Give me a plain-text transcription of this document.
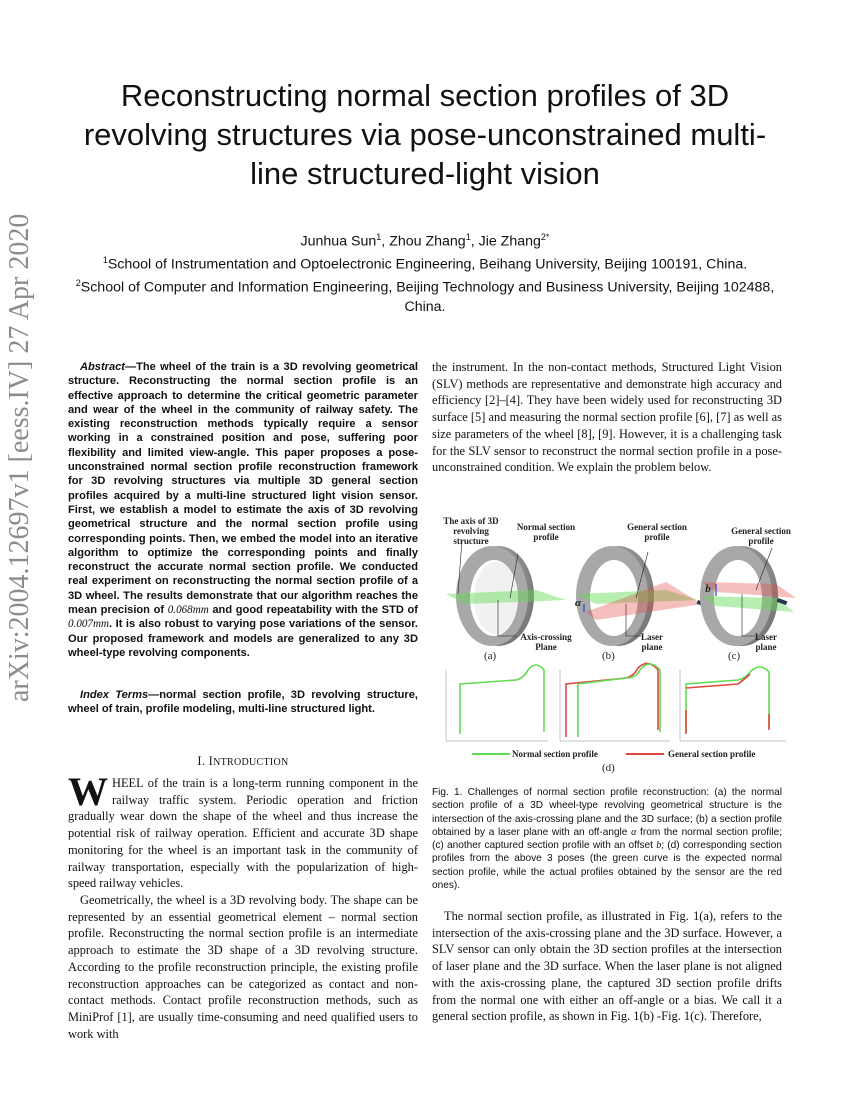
Reconstructing normal section profiles of 3D revolving structures via pose-unconstrained multi-line structured-light vision
Junhua Sun$^1$, Zhou Zhang$^1$, Jie Zhang$^{2*}$
$^1$School of Instrumentation and Optoelectronic Engineering, Beihang University, Beijing 100191, China.
$^2$School of Computer and Information Engineering, Beijing Technology and Business University, Beijing 102488, China.
arXiv:2004.12697v1 [eess.IV] 27 Apr 2020	Abstract—The wheel of the train is a 3D revolving geometrical structure. Reconstructing the normal section profile is an effective approach to determine the critical geometric parameter and wear of the wheel in the community of railway safety. The existing reconstruction methods typically require a sensor working in a constrained position and pose, suffering poor flexibility and limited view-angle. This paper proposes a pose-unconstrained normal section profile reconstruction framework for 3D revolving structures via multiple 3D general section profiles acquired by a multi-line structured light vision sensor. First, we establish a model to estimate the axis of 3D revolving geometrical structure and the normal section profile using corresponding points. Then, we embed the model into an iterative algorithm to optimize the corresponding points and finally reconstruct the accurate normal section profile. We conducted real experiment on reconstructing the normal section profile of a 3D wheel. The results demonstrate that our algorithm reaches the mean precision of 0.068mm and good repeatability with the STD of 0.007mm. It is also robust to varying pose variations of the sensor. Our proposed framework and models are generalized to any 3D wheel-type revolving components.
Index Terms—normal section profile, 3D revolving structure, wheel of train, profile modeling, multi-line structured light.
I. INTRODUCTION
WHEEL of the train is a long-term running component in the railway traffic system. Periodic operation and friction gradually wear down the shape of the wheel and thus increase the potential risk of railway operation. Efficient and accurate 3D shape monitoring for the wheel is an important task in the community of railway transportation, especially with the popularization of high-speed railway vehicles.
Geometrically, the wheel is a 3D revolving body. The shape can be represented by an essential geometrical element – normal section profile. Reconstructing the normal section profile is an intermediate approach to estimate the 3D shape of a 3D revolving structure. According to the profile reconstruction principle, the existing profile reconstruction approaches can be categorized as contact and non-contact methods. Contact profile reconstruction methods, such as MiniProf [1], are usually time-consuming and need qualified users to work with
the instrument. In the non-contact methods, Structured Light Vision (SLV) methods are representative and demonstrate high accuracy and efficiency [2]–[4]. They have been widely used for reconstructing 3D surface [5] and measuring the normal section profile [6], [7] as well as size parameters of the wheel [8], [9]. However, it is a challenging task for the SLV sensor to reconstruct the normal section profile in a pose-unconstrained condition. We explain the problem below.
The axis of 3D revolving structure
Normal section profile
Axis-crossing Plane
General section profile
Laser plane
General section profile
Laser plane
α
b
(a)	(b)	(c)
Normal section profile	General section profile
(d)
Fig. 1. Challenges of normal section profile reconstruction: (a) the normal section profile of a 3D wheel-type revolving geometrical structure is the intersection of the axis-crossing plane and the 3D surface; (b) a section profile obtained by a laser plane with an off-angle α from the normal section profile; (c) another captured section profile with an offset b; (d) corresponding section profiles from the above 3 poses (the green curve is the expected normal section profile, while the actual profiles obtained by the sensor are the red ones).
The normal section profile, as illustrated in Fig. 1(a), refers to the intersection of the axis-crossing plane and the 3D surface. However, a SLV sensor can only obtain the 3D section profiles at the intersection of laser plane and the 3D surface. When the laser plane is not aligned with the axis-crossing plane, the captured 3D section profile drifts from the normal one with either an off-angle or a bias. We call it a general section profile, as shown in Fig. 1(b) -Fig. 1(c). Therefore,
